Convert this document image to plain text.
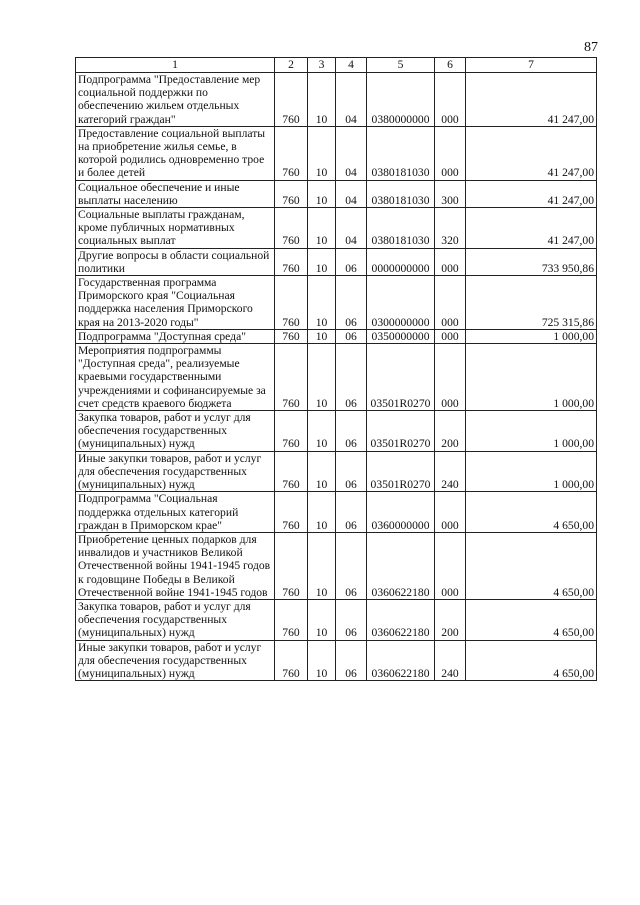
87
1	2	3	4	5	6	7
Подпрограмма "Предоставление мер социальной поддержки по обеспечению жильем отдельных категорий граждан"	760	10	04	0380000000	000	41 247,00
Предоставление социальной выплаты на приобретение жилья семье, в которой родились одновременно трое и более детей	760	10	04	0380181030	000	41 247,00
Социальное обеспечение и иные выплаты населению	760	10	04	0380181030	300	41 247,00
Социальные выплаты гражданам, кроме публичных нормативных социальных выплат	760	10	04	0380181030	320	41 247,00
Другие вопросы в области социальной политики	760	10	06	0000000000	000	733 950,86
Государственная программа Приморского края "Социальная поддержка населения Приморского края на 2013-2020 годы"	760	10	06	0300000000	000	725 315,86
Подпрограмма "Доступная среда"	760	10	06	0350000000	000	1 000,00
Мероприятия подпрограммы "Доступная среда", реализуемые краевыми государственными учреждениями и софинансируемые за счет средств краевого бюджета	760	10	06	03501R0270	000	1 000,00
Закупка товаров, работ и услуг для обеспечения государственных (муниципальных) нужд	760	10	06	03501R0270	200	1 000,00
Иные закупки товаров, работ и услуг для обеспечения государственных (муниципальных) нужд	760	10	06	03501R0270	240	1 000,00
Подпрограмма "Социальная поддержка отдельных категорий граждан в Приморском крае"	760	10	06	0360000000	000	4 650,00
Приобретение ценных подарков для инвалидов и участников Великой Отечественной войны 1941-1945 годов к годовщине Победы в Великой Отечественной войне 1941-1945 годов	760	10	06	0360622180	000	4 650,00
Закупка товаров, работ и услуг для обеспечения государственных (муниципальных) нужд	760	10	06	0360622180	200	4 650,00
Иные закупки товаров, работ и услуг для обеспечения государственных (муниципальных) нужд	760	10	06	0360622180	240	4 650,00
